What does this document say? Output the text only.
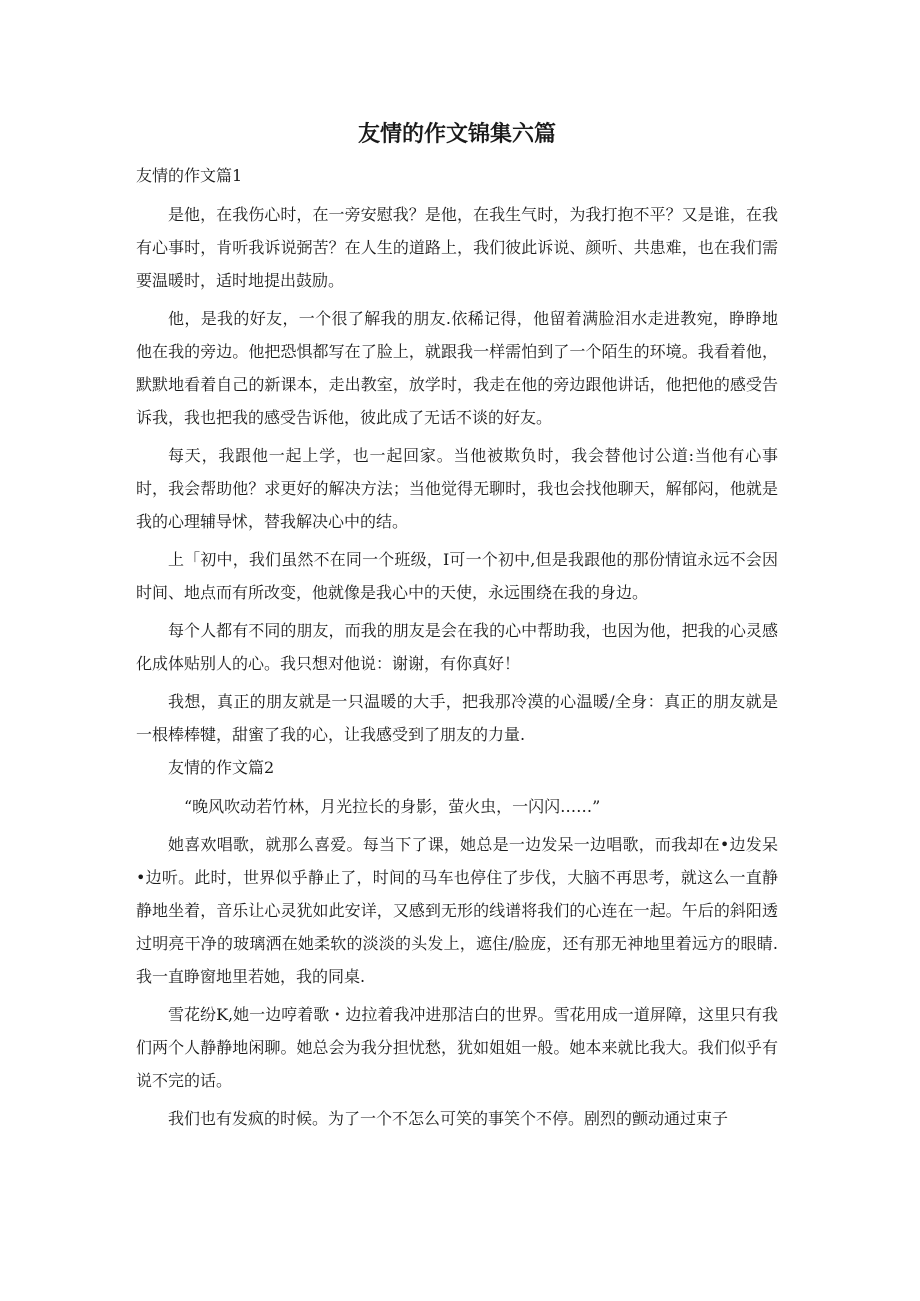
友情的作文锦集六篇
友情的作文篇1

是他，在我伤心时，在一旁安慰我？是他，在我生气时，为我打抱不平？又是谁，在我有心事时，肯听我诉说弼苦？在人生的道路上，我们彼此诉说、颜听、共患难，也在我们需要温暖时，适时地提出鼓励。

他，是我的好友，一个很了解我的朋友.依稀记得，他留着满脸泪水走进教宛，睁睁地他在我的旁边。他把恐惧都写在了脸上，就跟我一样需怕到了一个陌生的环境。我看着他，默默地看着自己的新课本，走出教室，放学时，我走在他的旁边跟他讲话，他把他的感受告诉我，我也把我的感受告诉他，彼此成了无话不谈的好友。

每天，我跟他一起上学，也一起回家。当他被欺负时，我会替他讨公道:当他有心事时，我会帮助他？求更好的解决方法；当他觉得无聊时，我也会找他聊天，解郁闷，他就是我的心理辅导怵，替我解决心中的结。

上「初中，我们虽然不在同一个班级，I可一个初中,但是我跟他的那份情谊永远不会因时间、地点而有所改变，他就像是我心中的天使，永远围绕在我的身边。

每个人都有不同的朋友，而我的朋友是会在我的心中帮助我，也因为他，把我的心灵感化成体贴别人的心。我只想对他说：谢谢，有你真好！

我想，真正的朋友就是一只温暖的大手，把我那冷漠的心温暖/全身：真正的朋友就是一根棒棒犍，甜蜜了我的心，让我感受到了朋友的力量.

友情的作文篇2

“晚风吹动若竹林，月光拉长的身影，萤火虫，一闪闪……”

她喜欢唱歌，就那么喜爱。每当下了课，她总是一边发呆一边唱歌，而我却在•边发呆•边听。此时，世界似乎静止了，时间的马车也停住了步伐，大脑不再思考，就这么一直静静地坐着，音乐让心灵犹如此安详，又感到无形的线谱将我们的心连在一起。午后的斜阳透过明亮干净的玻璃洒在她柔软的淡淡的头发上，遮住/脸庞，还有那无神地里着远方的眼睛.我一直睁窗地里若她，我的同桌.

雪花纷K,她一边哼着歌・边拉着我冲进那洁白的世界。雪花用成一道屏障，这里只有我们两个人静静地闲聊。她总会为我分担忧愁，犹如姐姐一般。她本来就比我大。我们似乎有说不完的话。

我们也有发疯的时候。为了一个不怎么可笑的事笑个不停。剧烈的颤动通过束子
